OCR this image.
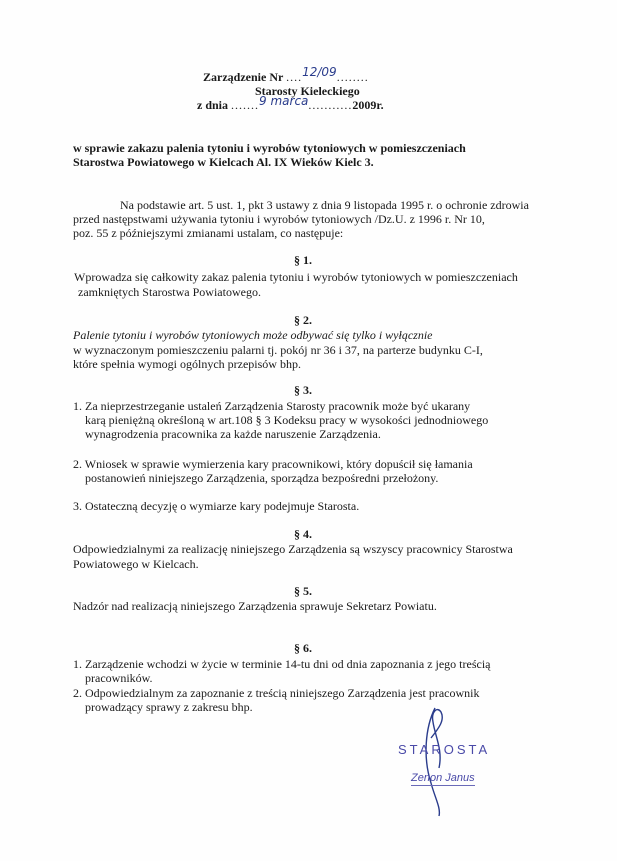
Zarządzenie Nr ....12/09........
Starosty Kieleckiego
z dnia .......9 marca...........2009r.
w sprawie zakazu palenia tytoniu i wyrobów tytoniowych w pomieszczeniach
Starostwa Powiatowego w Kielcach Al. IX Wieków Kielc 3.
Na podstawie art. 5 ust. 1, pkt 3 ustawy z dnia 9 listopada 1995 r. o ochronie zdrowia
przed następstwami używania tytoniu i wyrobów tytoniowych /Dz.U. z 1996 r. Nr 10,
poz. 55 z późniejszymi zmianami ustalam, co następuje:
§ 1.
Wprowadza się całkowity zakaz palenia tytoniu i wyrobów tytoniowych w pomieszczeniach
zamkniętych Starostwa Powiatowego.
§ 2.
Palenie tytoniu i wyrobów tytoniowych może odbywać się tylko i wyłącznie
w wyznaczonym pomieszczeniu palarni tj. pokój nr 36 i 37, na parterze budynku C-I,
które spełnia wymogi ogólnych przepisów bhp.
§ 3.
1. Za nieprzestrzeganie ustaleń Zarządzenia Starosty pracownik może być ukarany
karą pieniężną określoną w art.108 § 3 Kodeksu pracy w wysokości jednodniowego
wynagrodzenia pracownika za każde naruszenie Zarządzenia.
2. Wniosek w sprawie wymierzenia kary pracownikowi, który dopuścił się łamania
postanowień niniejszego Zarządzenia, sporządza bezpośredni przełożony.
3. Ostateczną decyzję o wymiarze kary podejmuje Starosta.
§ 4.
Odpowiedzialnymi za realizację niniejszego Zarządzenia są wszyscy pracownicy Starostwa
Powiatowego w Kielcach.
§ 5.
Nadzór nad realizacją niniejszego Zarządzenia sprawuje Sekretarz Powiatu.
§ 6.
1. Zarządzenie wchodzi w życie w terminie 14-tu dni od dnia zapoznania z jego treścią
pracowników.
2. Odpowiedzialnym za zapoznanie z treścią niniejszego Zarządzenia jest pracownik
prowadzący sprawy z zakresu bhp.
STAROSTA
Zenon Janus
